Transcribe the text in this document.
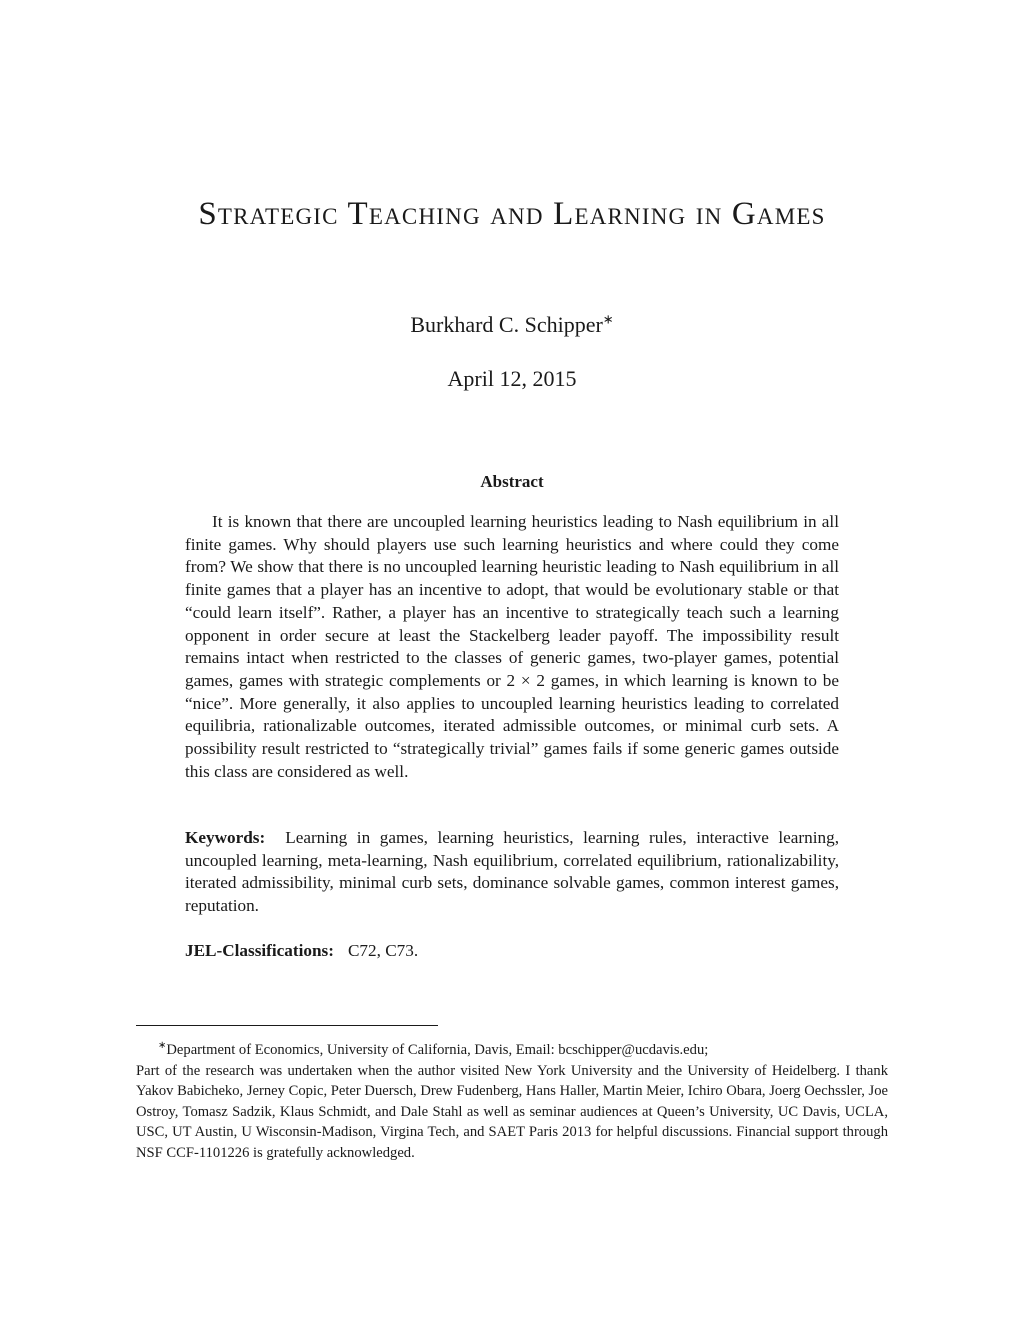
Strategic Teaching and Learning in Games
Burkhard C. Schipper∗
April 12, 2015
Abstract

It is known that there are uncoupled learning heuristics leading to Nash equilibrium in all finite games. Why should players use such learning heuristics and where could they come from? We show that there is no uncoupled learning heuristic leading to Nash equilibrium in all finite games that a player has an incentive to adopt, that would be evolutionary stable or that “could learn itself”. Rather, a player has an incentive to strategically teach such a learning opponent in order secure at least the Stackelberg leader payoff. The impossibility result remains intact when restricted to the classes of generic games, two-player games, potential games, games with strategic complements or 2 × 2 games, in which learning is known to be “nice”. More generally, it also applies to uncoupled learning heuristics leading to correlated equilibria, rationalizable outcomes, iterated admissible outcomes, or minimal curb sets. A possibility result restricted to “strategically trivial” games fails if some generic games outside this class are considered as well.

Keywords: Learning in games, learning heuristics, learning rules, interactive learning, uncoupled learning, meta-learning, Nash equilibrium, correlated equilibrium, rationalizability, iterated admissibility, minimal curb sets, dominance solvable games, common interest games, reputation.

JEL-Classifications: C72, C73.

∗Department of Economics, University of California, Davis, Email: bcschipper@ucdavis.edu;
Part of the research was undertaken when the author visited New York University and the University of Heidelberg. I thank Yakov Babicheko, Jerney Copic, Peter Duersch, Drew Fudenberg, Hans Haller, Martin Meier, Ichiro Obara, Joerg Oechssler, Joe Ostroy, Tomasz Sadzik, Klaus Schmidt, and Dale Stahl as well as seminar audiences at Queen’s University, UC Davis, UCLA, USC, UT Austin, U Wisconsin-Madison, Virgina Tech, and SAET Paris 2013 for helpful discussions. Financial support through NSF CCF-1101226 is gratefully acknowledged.
